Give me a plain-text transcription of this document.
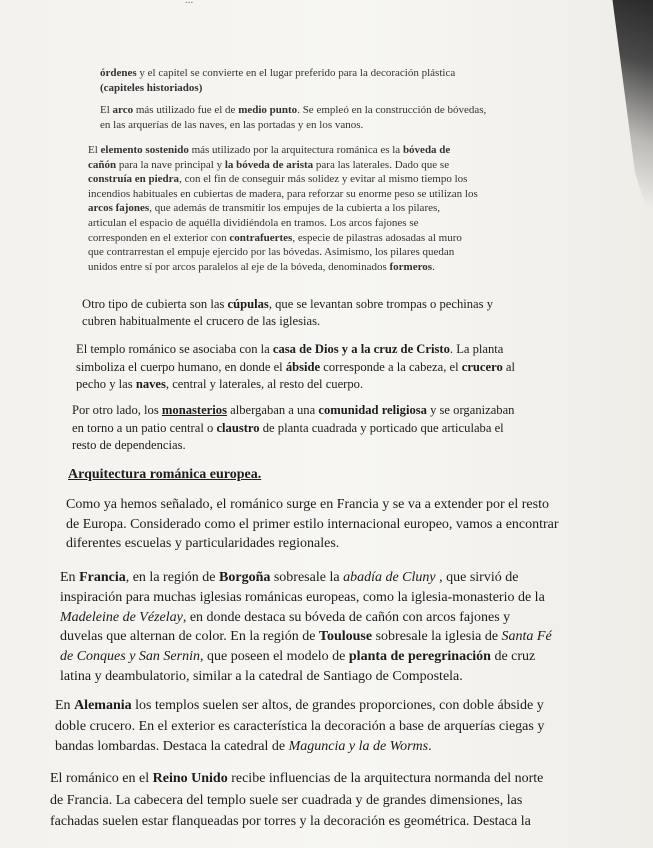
...
órdenes y el capitel se convierte en el lugar preferido para la decoración plástica
(capiteles historiados)
El arco más utilizado fue el de medio punto. Se empleó en la construcción de bóvedas,
en las arquerías de las naves, en las portadas y en los vanos.
El elemento sostenido más utilizado por la arquitectura románica es la bóveda de
cañón para la nave principal y la bóveda de arista para las laterales. Dado que se
construía en piedra, con el fin de conseguir más solidez y evitar al mismo tiempo los
incendios habituales en cubiertas de madera, para reforzar su enorme peso se utilizan los
arcos fajones, que además de transmitir los empujes de la cubierta a los pilares,
articulan el espacio de aquélla dividiéndola en tramos. Los arcos fajones se
corresponden en el exterior con contrafuertes, especie de pilastras adosadas al muro
que contrarrestan el empuje ejercido por las bóvedas. Asimismo, los pilares quedan
unidos entre sí por arcos paralelos al eje de la bóveda, denominados formeros.
Otro tipo de cubierta son las cúpulas, que se levantan sobre trompas o pechinas y
cubren habitualmente el crucero de las iglesias.
El templo románico se asociaba con la casa de Dios y a la cruz de Cristo. La planta
simboliza el cuerpo humano, en donde el ábside corresponde a la cabeza, el crucero al
pecho y las naves, central y laterales, al resto del cuerpo.
Por otro lado, los monasterios albergaban a una comunidad religiosa y se organizaban
en torno a un patio central o claustro de planta cuadrada y porticado que articulaba el
resto de dependencias.
Arquitectura románica europea.
Como ya hemos señalado, el románico surge en Francia y se va a extender por el resto
de Europa. Considerado como el primer estilo internacional europeo, vamos a encontrar
diferentes escuelas y particularidades regionales.
En Francia, en la región de Borgoña sobresale la abadía de Cluny , que sirvió de
inspiración para muchas iglesias románicas europeas, como la iglesia-monasterio de la
Madeleine de Vézelay, en donde destaca su bóveda de cañón con arcos fajones y
duvelas que alternan de color. En la región de Toulouse sobresale la iglesia de Santa Fé
de Conques y San Sernin, que poseen el modelo de planta de peregrinación de cruz
latina y deambulatorio, similar a la catedral de Santiago de Compostela.
En Alemania los templos suelen ser altos, de grandes proporciones, con doble ábside y
doble crucero. En el exterior es característica la decoración a base de arquerías ciegas y
bandas lombardas. Destaca la catedral de Maguncia y la de Worms.
El románico en el Reino Unido recibe influencias de la arquitectura normanda del norte
de Francia. La cabecera del templo suele ser cuadrada y de grandes dimensiones, las
fachadas suelen estar flanqueadas por torres y la decoración es geométrica. Destaca la
